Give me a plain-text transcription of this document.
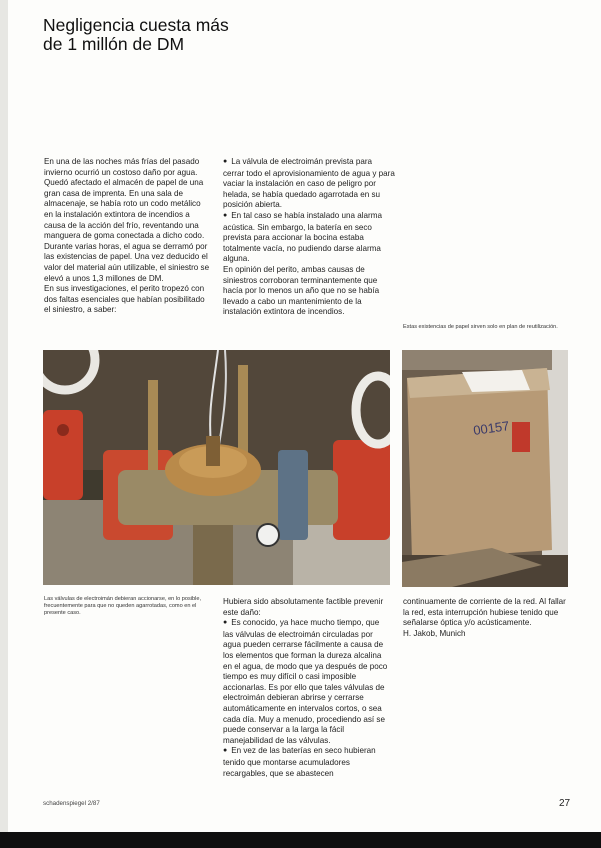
Negligencia cuesta más
de 1 millón de DM

En una de las noches más frías del pasado invierno ocurrió un costoso daño por agua. Quedó afectado el almacén de papel de una gran casa de imprenta. En una sala de almacenaje, se había roto un codo metálico en la instalación extintora de incendios a causa de la acción del frío, reventando una manguera de goma conectada a dicho codo. Durante varias horas, el agua se derramó por las existencias de papel. Una vez deducido el valor del material aún utilizable, el siniestro se elevó a unos 1,3 millones de DM.

En sus investigaciones, el perito tropezó con dos faltas esenciales que habían posibilitado el siniestro, a saber:

● La válvula de electroimán prevista para cerrar todo el aprovisionamiento de agua y para vaciar la instalación en caso de peligro por helada, se había quedado agarrotada en su posición abierta.

● En tal caso se había instalado una alarma acústica. Sin embargo, la batería en seco prevista para accionar la bocina estaba totalmente vacía, no pudiendo darse alarma alguna.

En opinión del perito, ambas causas de siniestros corroboran terminantemente que hacía por lo menos un año que no se había llevado a cabo un mantenimiento de la instalación extintora de incendios.

Estas existencias de papel sirven solo en plan de reutilización.
00157
Las válvulas de electroimán debieran accionarse, en lo posible, frecuentemente para que no queden agarrotadas, como en el presente caso.

Hubiera sido absolutamente factible prevenir este daño:

● Es conocido, ya hace mucho tiempo, que las válvulas de electroimán circuladas por agua pueden cerrarse fácilmente a causa de los elementos que forman la dureza alcalina en el agua, de modo que ya después de poco tiempo es muy difícil o casi imposible accionarlas. Es por ello que tales válvulas de electroimán debieran abrirse y cerrarse automáticamente en intervalos cortos, o sea cada día. Muy a menudo, procediendo así se puede conservar a la larga la fácil manejabilidad de las válvulas.

● En vez de las baterías en seco hubieran tenido que montarse acumuladores recargables, que se abastecen

continuamente de corriente de la red. Al fallar la red, esta interrupción hubiese tenido que señalarse óptica y/o acústicamente.

H. Jakob, Munich

schadenspiegel 2/87	27
